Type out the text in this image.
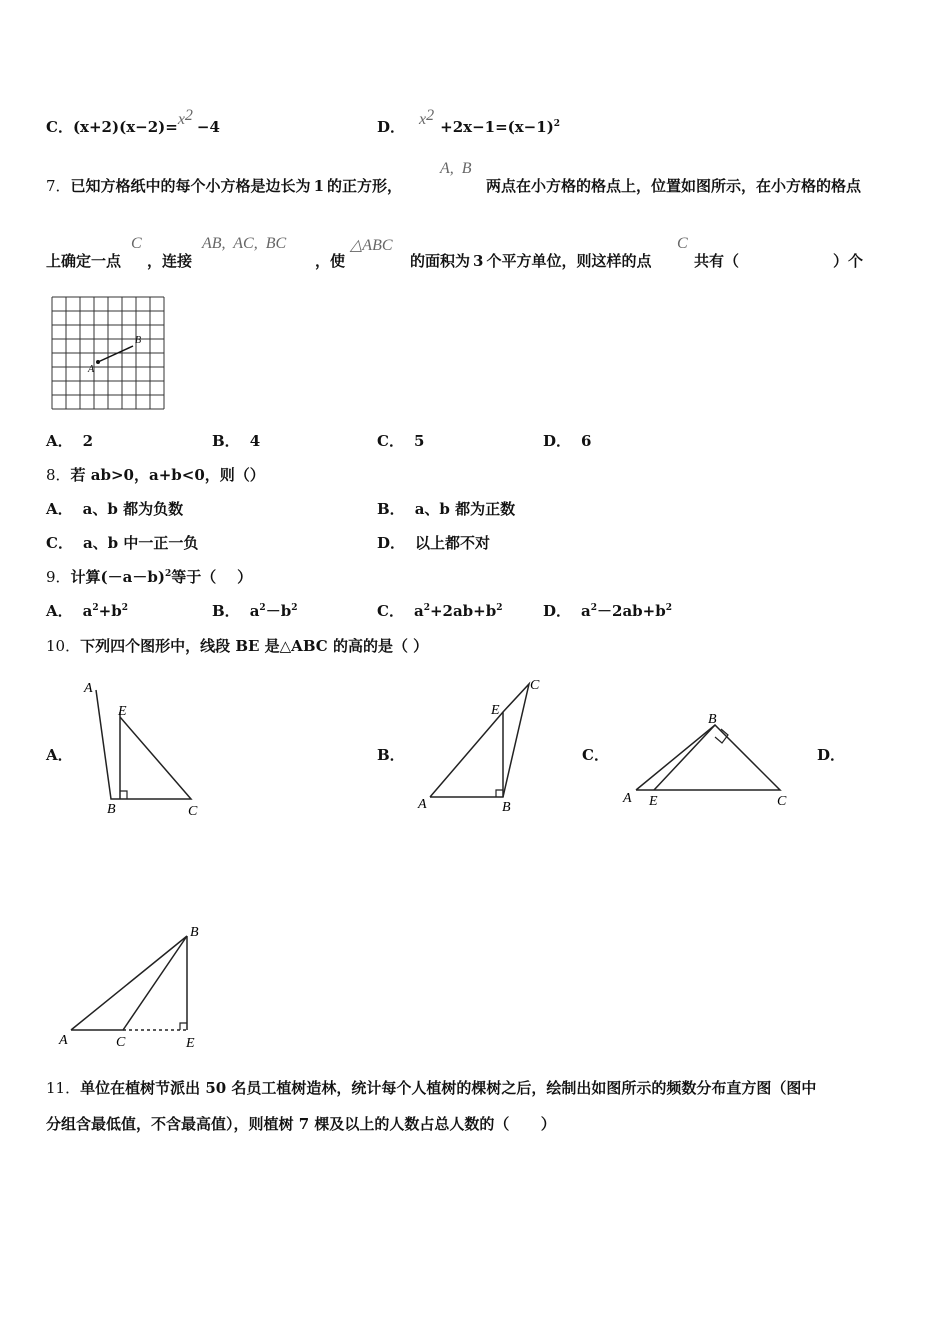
C．$(x+2)(x-2)=x^2-4$	D． $x^2+2x-1=(x-1)^2$
7．已知方格纸中的每个小方格是边长为 1 的正方形，
A,  B
两点在小方格的格点上，位置如图所示，在小方格的格点
上确定一点
C
，连接
AB,  AC,  BC
，使
△ABC
的面积为 3 个平方单位，则这样的点
C
共有（                  ）个
A
B
A． 2	B． 4	C． 5	D． 6
8．若 ab>0，a+b<0，则（）
A． a、b 都为负数	B． a、b 都为正数
C． a、b 中一正一负	D． 以上都不对
9．计算$(-a-b)^2$等于（    ）
A． $a^2+b^2$	B． $a^2-b^2$	C． $a^2+2ab+b^2$	D． $a^2-2ab+b^2$
10．下列四个图形中，线段 BE 是△ABC 的高的是（ ）
A．	B．	C．	D．
A
E
B	C
C
E
A	B
B
A E	C
B
A	C	E
11．单位在植树节派出 50 名员工植树造林，统计每个人植树的棵树之后，绘制出如图所示的频数分布直方图（图中
分组含最低值，不含最高值），则植树 7 棵及以上的人数占总人数的（      ）
